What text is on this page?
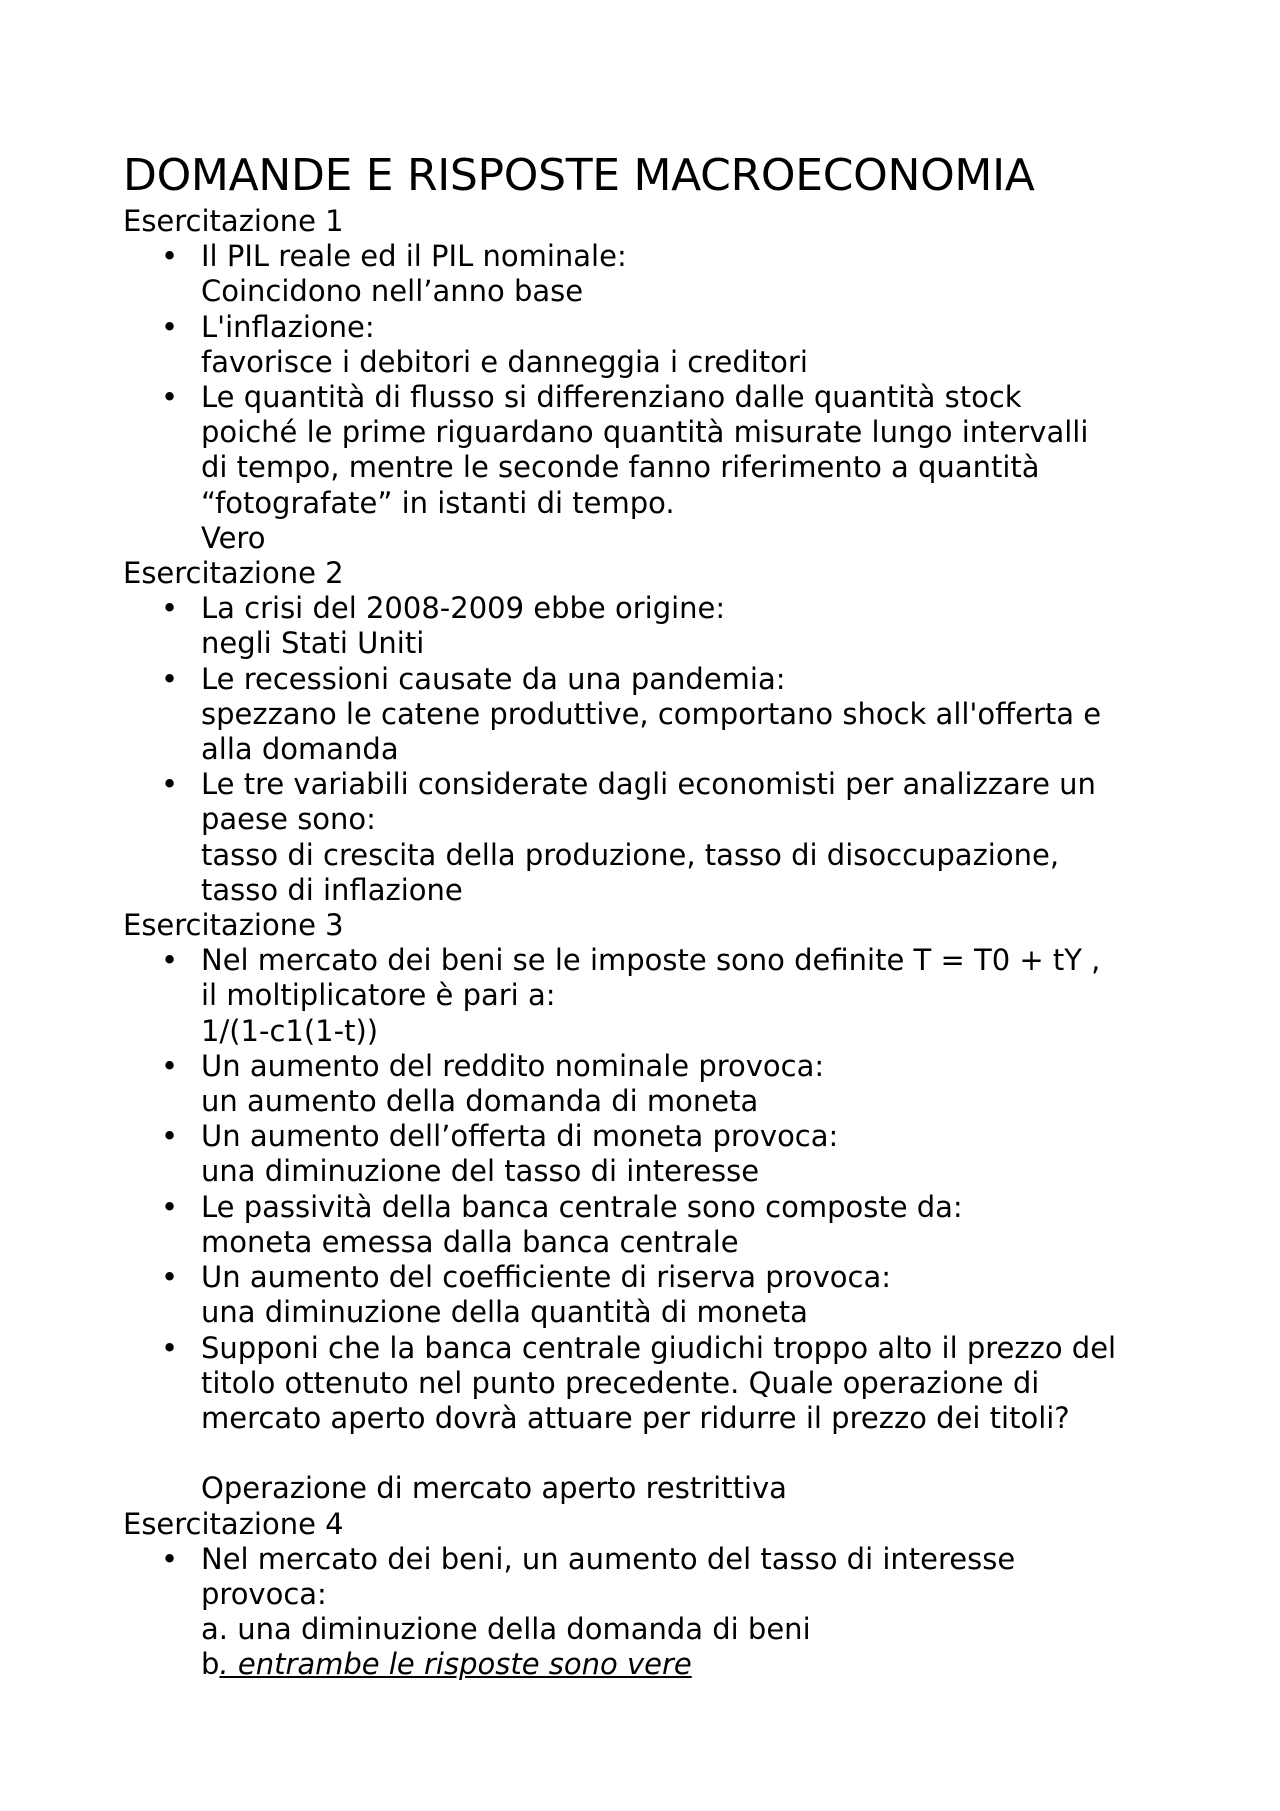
DOMANDE E RISPOSTE MACROECONOMIA
Esercitazione 1
• Il PIL reale ed il PIL nominale:
Coincidono nell’anno base
• L'inflazione:
favorisce i debitori e danneggia i creditori
• Le quantità di flusso si differenziano dalle quantità stock
poiché le prime riguardano quantità misurate lungo intervalli
di tempo, mentre le seconde fanno riferimento a quantità
“fotografate” in istanti di tempo.
Vero
Esercitazione 2
• La crisi del 2008-2009 ebbe origine:
negli Stati Uniti
• Le recessioni causate da una pandemia:
spezzano le catene produttive, comportano shock all'offerta e
alla domanda
• Le tre variabili considerate dagli economisti per analizzare un
paese sono:
tasso di crescita della produzione, tasso di disoccupazione,
tasso di inflazione
Esercitazione 3
• Nel mercato dei beni se le imposte sono definite T = T0 + tY ,
il moltiplicatore è pari a:
1/(1-c1(1-t))
• Un aumento del reddito nominale provoca:
un aumento della domanda di moneta
• Un aumento dell’offerta di moneta provoca:
una diminuzione del tasso di interesse
• Le passività della banca centrale sono composte da:
moneta emessa dalla banca centrale
• Un aumento del coefficiente di riserva provoca:
una diminuzione della quantità di moneta
• Supponi che la banca centrale giudichi troppo alto il prezzo del
titolo ottenuto nel punto precedente. Quale operazione di
mercato aperto dovrà attuare per ridurre il prezzo dei titoli?
Operazione di mercato aperto restrittiva
Esercitazione 4
• Nel mercato dei beni, un aumento del tasso di interesse
provoca:
a. una diminuzione della domanda di beni
b. entrambe le risposte sono vere
